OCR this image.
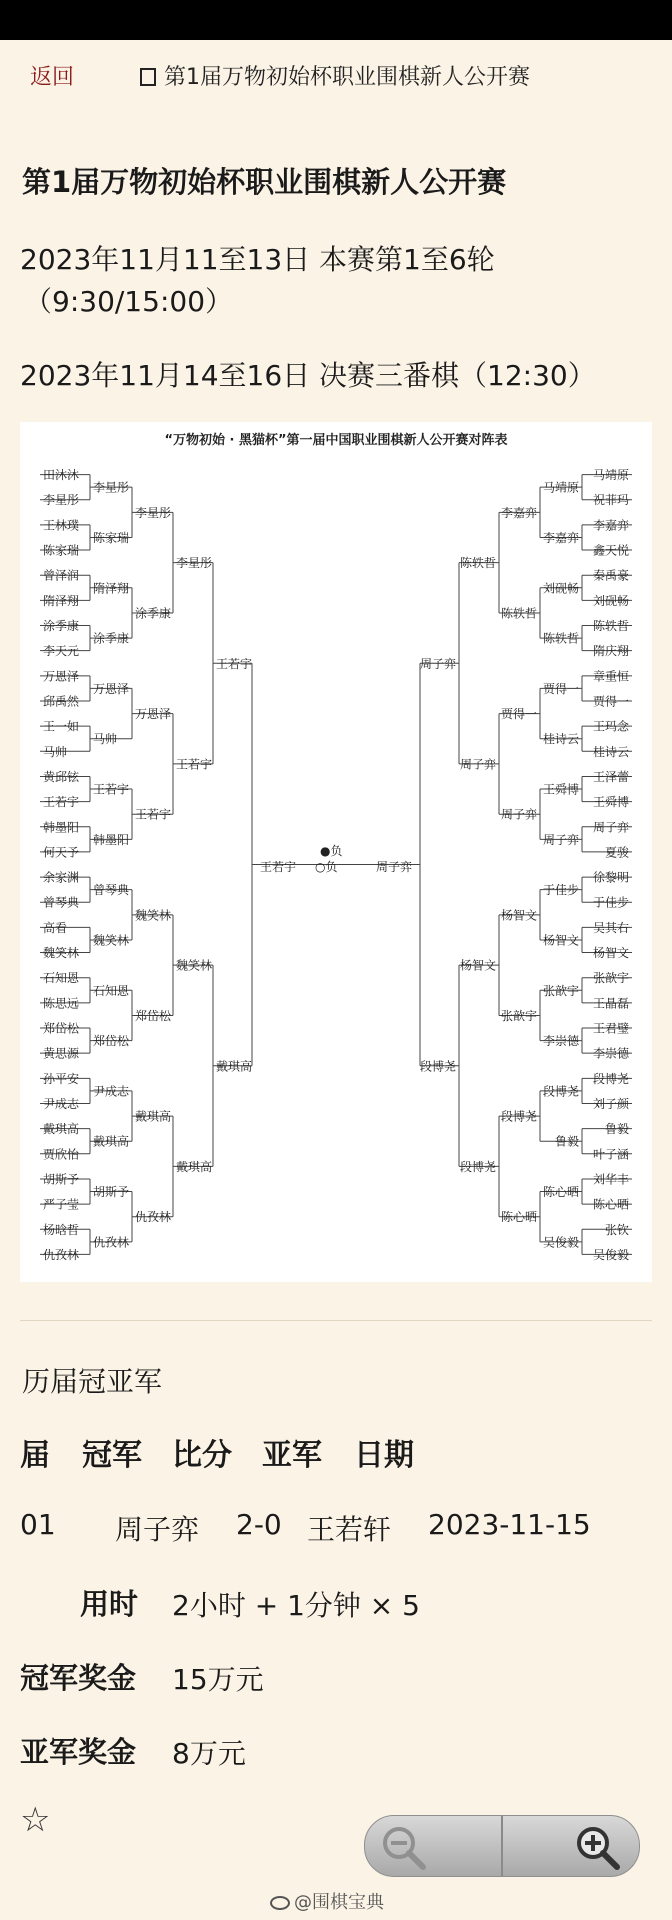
返回	第1届万物初始杯职业围棋新人公开赛
第1届万物初始杯职业围棋新人公开赛
2023年11月11至13日 本赛第1至6轮
（9:30/15:00）
2023年11月14至16日 决赛三番棋（12:30）
“万物初始 · 黑猫杯”第一届中国职业围棋新人公开赛对阵表
田沐沐
李星彤
王林璞
陈家瑞
曾泽润
隋泽翔
涂季康
李天元
万恩泽
邱禹然
王一如
马帅
黄邱铉
王若宇
韩墨阳
何天予
余家渊
曾琴典
高看
魏笑林
石知恩
陈思远
郑岱松
黄思源
孙平安
尹成志
戴琪高
贾欣怡
胡斯予
严子莹
杨晗哲
仇孜林
李星彤
陈家瑞
隋泽翔
涂季康
万恩泽
马帅
王若宇
韩墨阳
曾琴典
魏笑林
石知恩
郑岱松
尹成志
戴琪高
胡斯予
仇孜林
李星彤
涂季康
万恩泽
王若宇
魏笑林
郑岱松
戴琪高
仇孜林
李星彤
王若宇
魏笑林
戴琪高
王若宇
戴琪高
马靖原
祝菲玛
李嘉弈
鑫天悦
秦禹豪
刘砚畅
陈轶哲
隋庆翔
章重恒
贾得一
王玛念
桂诗云
王泽蕾
王舜博
周子弈
夏骏
徐黎明
于佳步
吴其右
杨智文
张歆宇
王晶磊
王君璧
李崇德
段博尧
刘子颜
鲁毅
叶子涵
刘华丰
陈心晒
张钦
吴俊毅
马靖原
李嘉弈
刘砚畅
陈轶哲
贾得一
桂诗云
王舜博
周子弈
于佳步
杨智文
张歆宇
李崇德
段博尧
鲁毅
陈心晒
吴俊毅
李嘉弈
陈轶哲
贾得一
周子弈
杨智文
张歆宇
段博尧
陈心晒
陈轶哲
周子弈
杨智文
段博尧
周子弈
段博尧
王若宇	周子弈
●负
○负
历届冠亚军
届 冠军 比分 亚军 日期
01 周子弈 2-0 王若轩 2023-11-15
用时 2小时 + 1分钟 × 5
冠军奖金 15万元
亚军奖金 8万元
☆
@围棋宝典
